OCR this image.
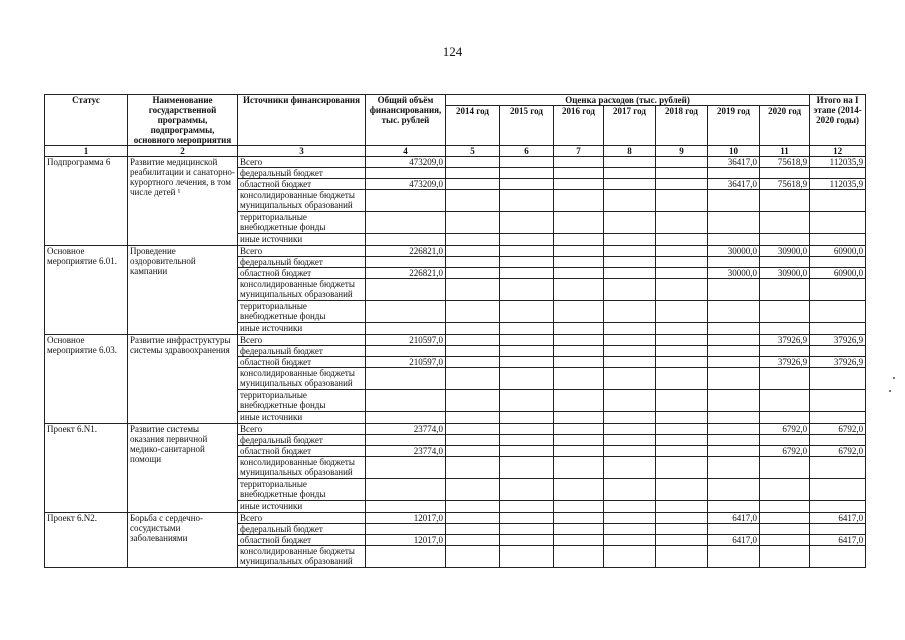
124
Статус	Наименование государственной программы, подпрограммы, основного мероприятия	Источники финансирования	Общий объём финансирования, тыс. рублей	Оценка расходов (тыс. рублей)							Итого на I этапе (2014-2020 годы)
				2014 год	2015 год	2016 год	2017 год	2018 год	2019 год	2020 год	
1	2	3	4	5	6	7	8	9	10	11	12
Подпрограмма 6	Развитие медицинской реабилитации и санаторно-курортного лечения, в том числе детей ¹	Всего	473209,0						36417,0	75618,9	112035,9
		федеральный бюджет									
		областной бюджет	473209,0						36417,0	75618,9	112035,9
		консолидированные бюджеты муниципальных образований									
		территориальные внебюджетные фонды									
		иные источники									
Основное мероприятие 6.01.	Проведение оздоровительной кампании	Всего	226821,0						30000,0	30900,0	60900,0
		федеральный бюджет									
		областной бюджет	226821,0						30000,0	30900,0	60900,0
		консолидированные бюджеты муниципальных образований									
		территориальные внебюджетные фонды									
		иные источники									
Основное мероприятие 6.03.	Развитие инфраструктуры системы здравоохранения	Всего	210597,0							37926,9	37926,9
		федеральный бюджет									
		областной бюджет	210597,0							37926,9	37926,9
		консолидированные бюджеты муниципальных образований									
		территориальные внебюджетные фонды									
		иные источники									

Проект 6.N1.	Развитие системы оказания первичной медико-санитарной помощи	Всего	23774,0							6792,0	6792,0
		федеральный бюджет									
		областной бюджет	23774,0							6792,0	6792,0
		консолидированные бюджеты муниципальных образований									
		территориальные внебюджетные фонды									
		иные источники									

Проект 6.N2.	Борьба с сердечно-сосудистыми заболеваниями	Всего	12017,0						6417,0		6417,0
		федеральный бюджет									
		областной бюджет	12017,0						6417,0		6417,0
		консолидированные бюджеты муниципальных образований									
